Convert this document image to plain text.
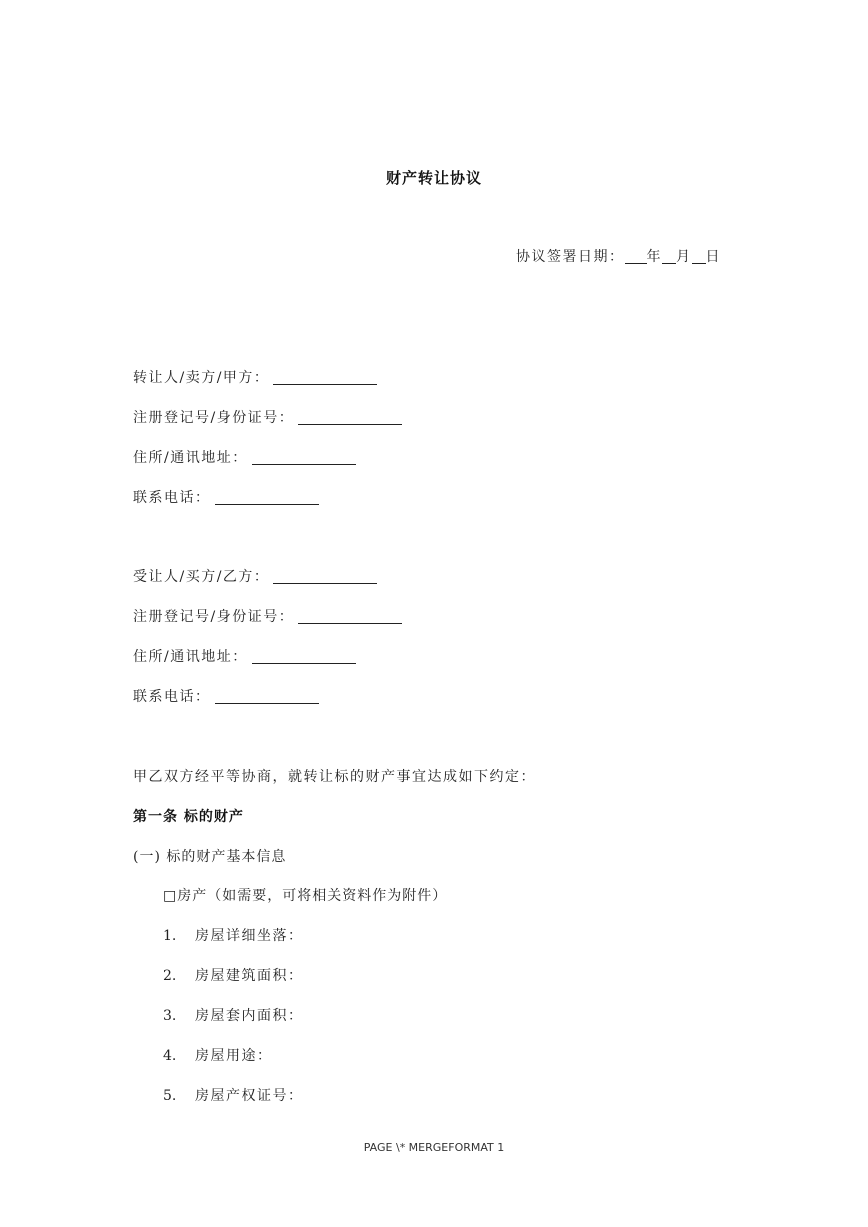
财产转让协议
协议签署日期： 年 月 日
转让人/卖方/甲方：
注册登记号/身份证号：
住所/通讯地址：
联系电话：
受让人/买方/乙方：
注册登记号/身份证号：
住所/通讯地址：
联系电话：
甲乙双方经平等协商，就转让标的财产事宜达成如下约定：
第一条 标的财产
(一) 标的财产基本信息
□房产（如需要，可将相关资料作为附件）
1. 房屋详细坐落：
2. 房屋建筑面积：
3. 房屋套内面积：
4. 房屋用途：
5. 房屋产权证号：
PAGE \* MERGEFORMAT 1
